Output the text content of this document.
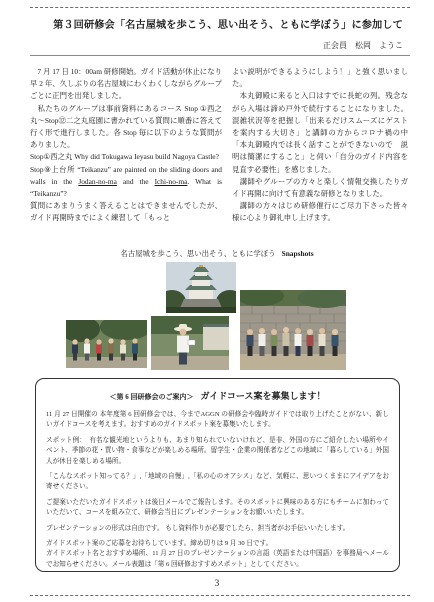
第３回研修会「名古屋城を歩こう、思い出そう、ともに学ぼう」に参加して
正会員　松岡　ようこ

　7 月 17 日 10：00am 研修開始。ガイド活動が休止になり早 2 年、久しぶりの名古屋城にわくわくしながらグループごとに正門を出発しました。

　私たちのグループは事前資料にあるコース Stop ①西之丸～Stop⑫二之丸庭園に書かれている質問に順番に答えて行く形で進行しました。各 Stop 毎に以下のような質問がありました。

Stop①西之丸 Why did Tokugawa Ieyasu build Nagoya Castle?

Stop⑨上台所 “Teikanzu” are painted on the sliding doors and walls in the Jodan-no-ma and the Ichi-no-ma. What is “Teikanzu”?

質問にあまりうまく答えることはできませんでしたが、ガイド再開時までによく練習して「もっと

よい説明ができるようにしよう！」と強く思いました。

　本丸御殿に来ると入口はすでに長蛇の列。残念ながら入場は諦め戸外で続行することになりました。混雑状況等を把握し「出来るだけスムーズにゲストを案内する大切さ」と講師の方からコロナ禍の中「本丸御殿内では長く話すことができないので　説明は簡潔にすること」と伺い「自分のガイド内容を見直す必要性」を感じました。

　講師やグループの方々と楽しく情報交換したりガイド再開に向けて有意義な研修となりました。

　講師の方々はじめ研修催行にご尽力下さった皆々様に心より御礼申し上げます。

名古屋城を歩こう、思い出そう、ともに学ぼう Snapshots
＜第 6 回研修会のご案内＞　ガイドコース案を募集します！

11 月 27 日開催の 本年度第 6 回研修会では、今までAGGN の研修会や臨時ガイドでは取り上げたことがない、新しいガイドコースを考えます。おすすめのガイドスポット案を募集いたします。

スポット例：　有名な観光地というよりも、あまり知られていないけれど、是非、外国の方にご紹介したい場所やイベント、季節の花・買い物・食事などが楽しめる場所。留学生・企業の関係者などこの地域に「暮らしている」外国人が休日を楽しめる場所。

「こんなスポット知ってる？」,「地域の自慢」,「私の心のオアシス」など、気軽に、思いつくままにアイデアをお寄せください。

ご提案いただいたガイドスポットは後日メールでご報告します。そのスポットに興味のある方にもチームに加わっていただいて、コースを組み立て、研修会当日にプレゼンテーションをお願いいたします。

プレゼンテーションの形式は自由です。 もし資料作りが必要でしたら、担当者がお手伝いいたします。

ガイドスポット案のご応募をお待ちしています。締め切りは 9 月 30 日です。

ガイドスポット名とおすすめ場所、11 月 27 日のプレゼンテーションの言語（英語または中国語）を事務局へメールでお知らせください。メール表題は「第 6 回研修おすすめスポット」としてください。

3
